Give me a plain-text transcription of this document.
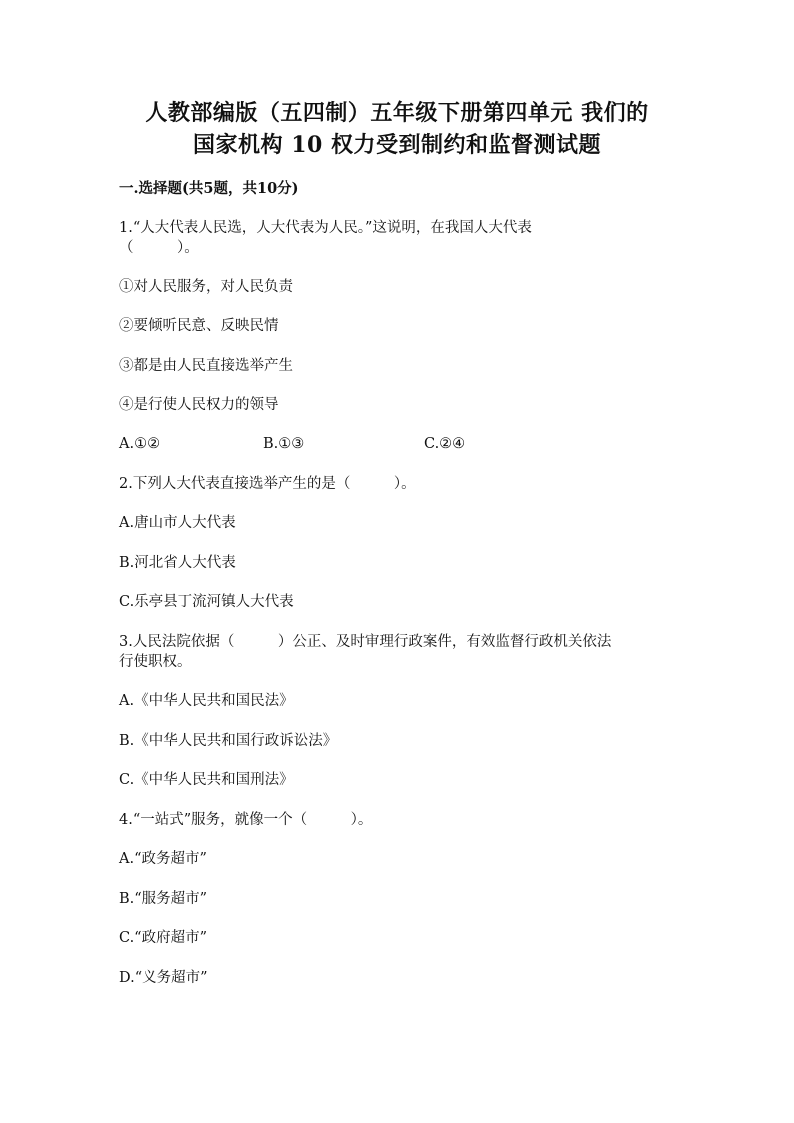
人教部编版（五四制）五年级下册第四单元 我们的
国家机构 10 权力受到制约和监督测试题

一.选择题(共5题，共10分)

1.“人大代表人民选，人大代表为人民。”这说明，在我国人大代表

（　　　）。

①对人民服务，对人民负责

②要倾听民意、反映民情

③都是由人民直接选举产生

④是行使人民权力的领导

A.①②	B.①③	C.②④

2.下列人大代表直接选举产生的是（　　　）。

A.唐山市人大代表

B.河北省人大代表

C.乐亭县丁流河镇人大代表

3.人民法院依据（　　　）公正、及时审理行政案件，有效监督行政机关依法

行使职权。

A.《中华人民共和国民法》

B.《中华人民共和国行政诉讼法》

C.《中华人民共和国刑法》

4.“一站式”服务，就像一个（　　　）。

A.“政务超市”

B.“服务超市”

C.“政府超市”

D.“义务超市”
